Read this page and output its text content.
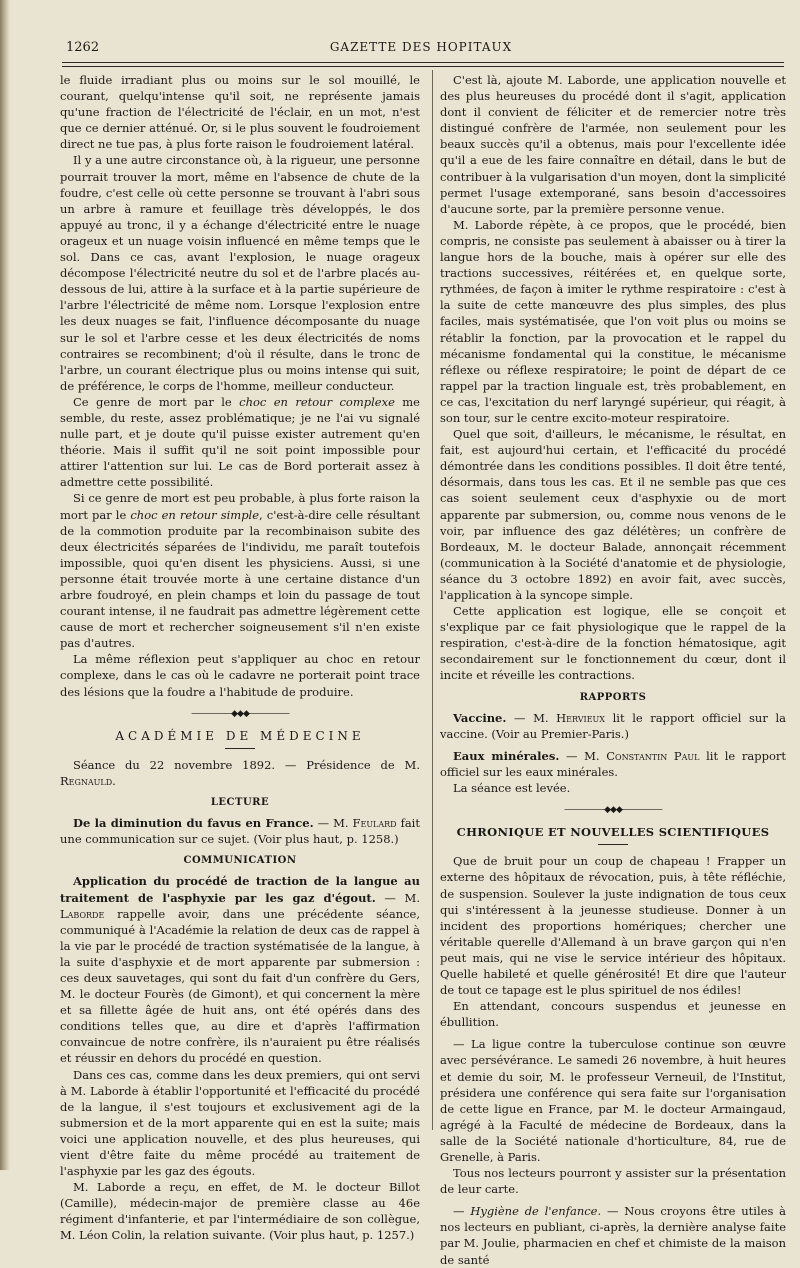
1262	GAZETTE DES HOPITAUX

le fluide irradiant plus ou moins sur le sol mouillé, le courant, quelqu'intense qu'il soit, ne représente jamais qu'une fraction de l'électricité de l'éclair, en un mot, n'est que ce dernier atténué. Or, si le plus souvent le foudroiement direct ne tue pas, à plus forte raison le foudroiement latéral.

Il y a une autre circonstance où, à la rigueur, une personne pourrait trouver la mort, même en l'absence de chute de la foudre, c'est celle où cette personne se trouvant à l'abri sous un arbre à ramure et feuillage très développés, le dos appuyé au tronc, il y a échange d'électricité entre le nuage orageux et un nuage voisin influencé en même temps que le sol. Dans ce cas, avant l'explosion, le nuage orageux décompose l'électricité neutre du sol et de l'arbre placés au-dessous de lui, attire à la surface et à la partie supérieure de l'arbre l'électricité de même nom. Lorsque l'explosion entre les deux nuages se fait, l'influence décomposante du nuage sur le sol et l'arbre cesse et les deux électricités de noms contraires se recombinent; d'où il résulte, dans le tronc de l'arbre, un courant électrique plus ou moins intense qui suit, de préférence, le corps de l'homme, meilleur conducteur.

Ce genre de mort par le choc en retour complexe me semble, du reste, assez problématique; je ne l'ai vu signalé nulle part, et je doute qu'il puisse exister autrement qu'en théorie. Mais il suffit qu'il ne soit point impossible pour attirer l'attention sur lui. Le cas de Bord porterait assez à admettre cette possibilité.

Si ce genre de mort est peu probable, à plus forte raison la mort par le choc en retour simple, c'est-à-dire celle résultant de la commotion produite par la recombinaison subite des deux électricités séparées de l'individu, me paraît toutefois impossible, quoi qu'en disent les physiciens. Aussi, si une personne était trouvée morte à une certaine distance d'un arbre foudroyé, en plein champs et loin du passage de tout courant intense, il ne faudrait pas admettre légèrement cette cause de mort et rechercher soigneusement s'il n'en existe pas d'autres.

La même réflexion peut s'appliquer au choc en retour complexe, dans le cas où le cadavre ne porterait point trace des lésions que la foudre a l'habitude de produire.

—————◆◆◆—————
ACADÉMIE DE MÉDECINE

Séance du 22 novembre 1892. — Présidence de M. Regnauld.

LECTURE

De la diminution du favus en France. — M. Feulard fait une communication sur ce sujet. (Voir plus haut, p. 1258.)

COMMUNICATION

Application du procédé de traction de la langue au traitement de l'asphyxie par les gaz d'égout. — M. Laborde rappelle avoir, dans une précédente séance, communiqué à l'Académie la relation de deux cas de rappel à la vie par le procédé de traction systématisée de la langue, à la suite d'asphyxie et de mort apparente par submersion : ces deux sauvetages, qui sont du fait d'un confrère du Gers, M. le docteur Fourès (de Gimont), et qui concernent la mère et sa fillette âgée de huit ans, ont été opérés dans des conditions telles que, au dire et d'après l'affirmation convaincue de notre confrère, ils n'auraient pu être réalisés et réussir en dehors du procédé en question.

Dans ces cas, comme dans les deux premiers, qui ont servi à M. Laborde à établir l'opportunité et l'efficacité du procédé de la langue, il s'est toujours et exclusivement agi de la submersion et de la mort apparente qui en est la suite; mais voici une application nouvelle, et des plus heureuses, qui vient d'être faite du même procédé au traitement de l'asphyxie par les gaz des égouts.

M. Laborde a reçu, en effet, de M. le docteur Billot (Camille), médecin-major de première classe au 46e régiment d'infanterie, et par l'intermédiaire de son collègue, M. Léon Colin, la relation suivante. (Voir plus haut, p. 1257.)

C'est là, ajoute M. Laborde, une application nouvelle et des plus heureuses du procédé dont il s'agit, application dont il convient de féliciter et de remercier notre très distingué confrère de l'armée, non seulement pour les beaux succès qu'il a obtenus, mais pour l'excellente idée qu'il a eue de les faire connaître en détail, dans le but de contribuer à la vulgarisation d'un moyen, dont la simplicité permet l'usage extemporané, sans besoin d'accessoires d'aucune sorte, par la première personne venue.

M. Laborde répète, à ce propos, que le procédé, bien compris, ne consiste pas seulement à abaisser ou à tirer la langue hors de la bouche, mais à opérer sur elle des tractions successives, réitérées et, en quelque sorte, rythmées, de façon à imiter le rythme respiratoire : c'est à la suite de cette manœuvre des plus simples, des plus faciles, mais systématisée, que l'on voit plus ou moins se rétablir la fonction, par la provocation et le rappel du mécanisme fondamental qui la constitue, le mécanisme réflexe ou réflexe respiratoire; le point de départ de ce rappel par la traction linguale est, très probablement, en ce cas, l'excitation du nerf laryngé supérieur, qui réagit, à son tour, sur le centre excito-moteur respiratoire.

Quel que soit, d'ailleurs, le mécanisme, le résultat, en fait, est aujourd'hui certain, et l'efficacité du procédé démontrée dans les conditions possibles. Il doit être tenté, désormais, dans tous les cas. Et il ne semble pas que ces cas soient seulement ceux d'asphyxie ou de mort apparente par submersion, ou, comme nous venons de le voir, par influence des gaz délétères; un confrère de Bordeaux, M. le docteur Balade, annonçait récemment (communication à la Société d'anatomie et de physiologie, séance du 3 octobre 1892) en avoir fait, avec succès, l'application à la syncope simple.

Cette application est logique, elle se conçoit et s'explique par ce fait physiologique que le rappel de la respiration, c'est-à-dire de la fonction hématosique, agit secondairement sur le fonctionnement du cœur, dont il incite et réveille les contractions.

RAPPORTS

Vaccine. — M. Hervieux lit le rapport officiel sur la vaccine. (Voir au Premier-Paris.)

Eaux minérales. — M. Constantin Paul lit le rapport officiel sur les eaux minérales.

La séance est levée.

—————◆◆◆—————
CHRONIQUE ET NOUVELLES SCIENTIFIQUES

Que de bruit pour un coup de chapeau ! Frapper un externe des hôpitaux de révocation, puis, à tête réfléchie, de suspension. Soulever la juste indignation de tous ceux qui s'intéressent à la jeunesse studieuse. Donner à un incident des proportions homériques; chercher une véritable querelle d'Allemand à un brave garçon qui n'en peut mais, qui ne vise le service intérieur des hôpitaux. Quelle habileté et quelle générosité! Et dire que l'auteur de tout ce tapage est le plus spirituel de nos édiles!

En attendant, concours suspendus et jeunesse en ébullition.

— La ligue contre la tuberculose continue son œuvre avec persévérance. Le samedi 26 novembre, à huit heures et demie du soir, M. le professeur Verneuil, de l'Institut, présidera une conférence qui sera faite sur l'organisation de cette ligue en France, par M. le docteur Armaingaud, agrégé à la Faculté de médecine de Bordeaux, dans la salle de la Société nationale d'horticulture, 84, rue de Grenelle, à Paris.

Tous nos lecteurs pourront y assister sur la présentation de leur carte.

— Hygiène de l'enfance. — Nous croyons être utiles à nos lecteurs en publiant, ci-après, la dernière analyse faite par M. Joulie, pharmacien en chef et chimiste de la maison de santé
